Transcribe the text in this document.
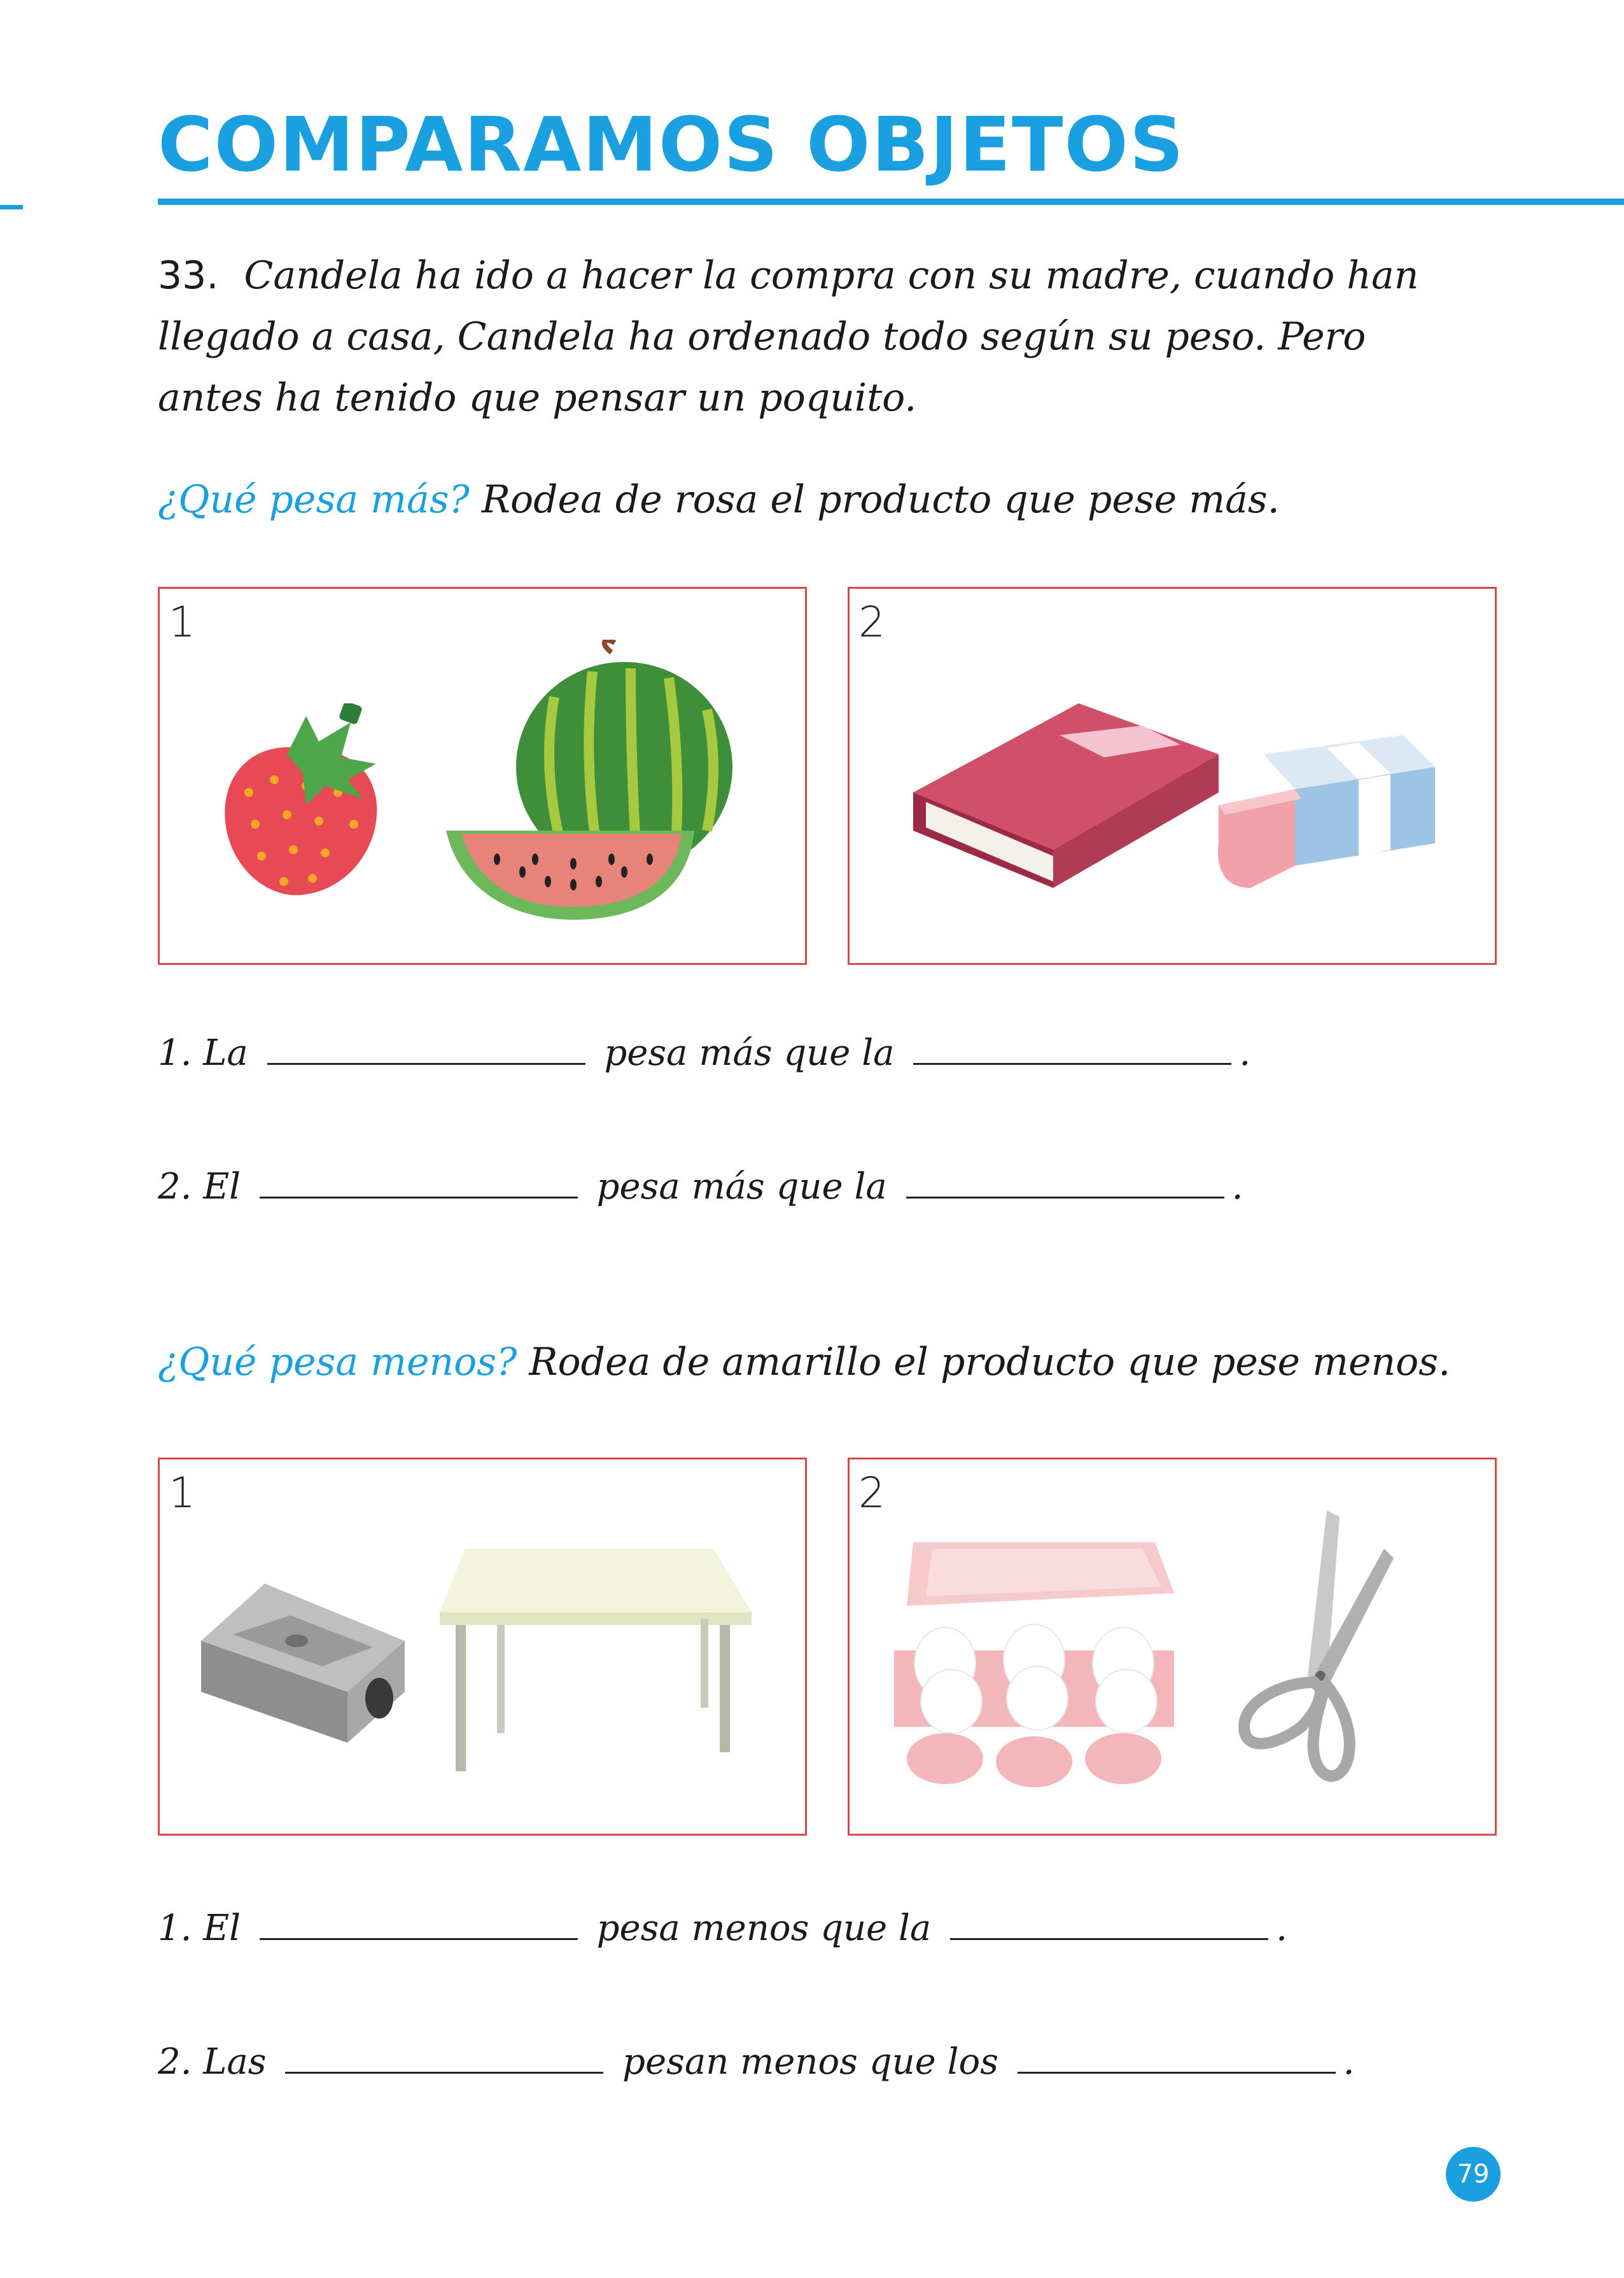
COMPARAMOS OBJETOS
33. Candela ha ido a hacer la compra con su madre, cuando han llegado a casa, Candela ha ordenado todo según su peso. Pero antes ha tenido que pensar un poquito.
¿Qué pesa más? Rodea de rosa el producto que pese más.
1	2
1. La	pesa más que la	.
2. El	pesa más que la	.
¿Qué pesa menos? Rodea de amarillo el producto que pese menos.
1	2
1. El	pesa menos que la	.
2. Las	pesan menos que los	.
79
